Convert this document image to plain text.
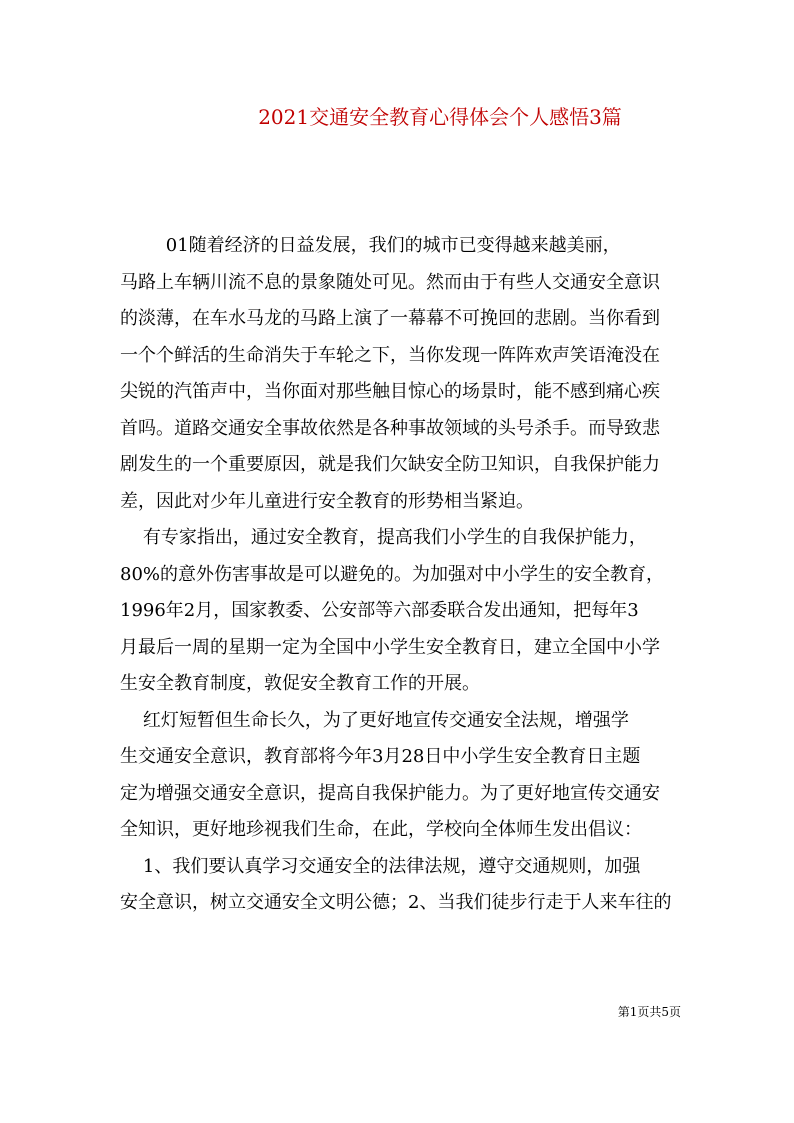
2021交通安全教育心得体会个人感悟3篇
01随着经济的日益发展，我们的城市已变得越来越美丽，
马路上车辆川流不息的景象随处可见。然而由于有些人交通安全意识
的淡薄，在车水马龙的马路上演了一幕幕不可挽回的悲剧。当你看到
一个个鲜活的生命消失于车轮之下，当你发现一阵阵欢声笑语淹没在
尖锐的汽笛声中，当你面对那些触目惊心的场景时，能不感到痛心疾
首吗。道路交通安全事故依然是各种事故领域的头号杀手。而导致悲
剧发生的一个重要原因，就是我们欠缺安全防卫知识，自我保护能力
差，因此对少年儿童进行安全教育的形势相当紧迫。
有专家指出，通过安全教育，提高我们小学生的自我保护能力，
80%的意外伤害事故是可以避免的。为加强对中小学生的安全教育，
1996年2月，国家教委、公安部等六部委联合发出通知，把每年3
月最后一周的星期一定为全国中小学生安全教育日，建立全国中小学
生安全教育制度，敦促安全教育工作的开展。
红灯短暂但生命长久，为了更好地宣传交通安全法规，增强学
生交通安全意识，教育部将今年3月28日中小学生安全教育日主题
定为增强交通安全意识，提高自我保护能力。为了更好地宣传交通安
全知识，更好地珍视我们生命，在此，学校向全体师生发出倡议：
1、我们要认真学习交通安全的法律法规，遵守交通规则，加强
安全意识，树立交通安全文明公德；2、当我们徒步行走于人来车往的
第1页共5页
